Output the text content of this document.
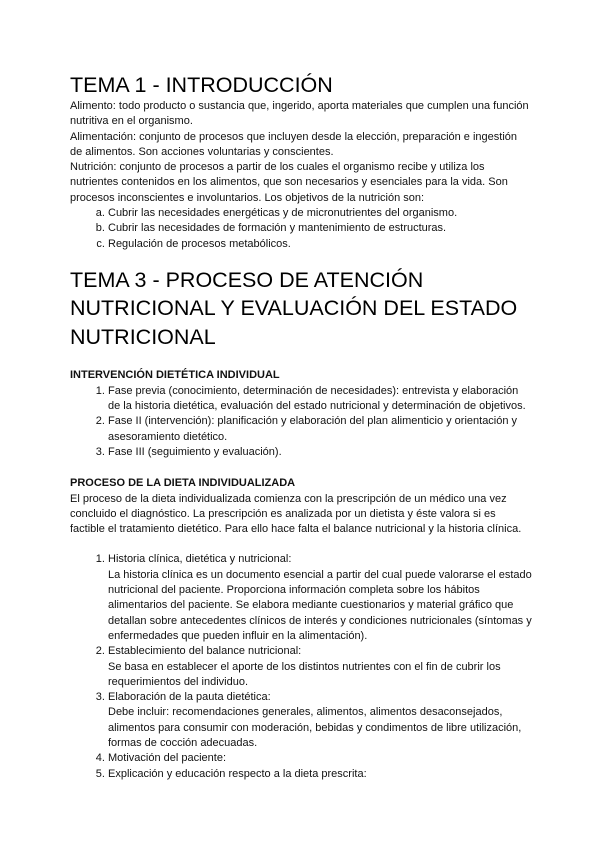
TEMA 1 - INTRODUCCIÓN

Alimento: todo producto o sustancia que, ingerido, aporta materiales que cumplen una función nutritiva en el organismo.

Alimentación: conjunto de procesos que incluyen desde la elección, preparación e ingestión de alimentos. Son acciones voluntarias y conscientes.

Nutrición: conjunto de procesos a partir de los cuales el organismo recibe y utiliza los nutrientes contenidos en los alimentos, que son necesarios y esenciales para la vida. Son procesos inconscientes e involuntarios. Los objetivos de la nutrición son:

a. Cubrir las necesidades energéticas y de micronutrientes del organismo.
b. Cubrir las necesidades de formación y mantenimiento de estructuras.
c. Regulación de procesos metabólicos.
TEMA 3 - PROCESO DE ATENCIÓN NUTRICIONAL Y EVALUACIÓN DEL ESTADO NUTRICIONAL
INTERVENCIÓN DIETÉTICA INDIVIDUAL
1. Fase previa (conocimiento, determinación de necesidades): entrevista y elaboración de la historia dietética, evaluación del estado nutricional y determinación de objetivos.
2. Fase II (intervención): planificación y elaboración del plan alimenticio y orientación y asesoramiento dietético.
3. Fase III (seguimiento y evaluación).
PROCESO DE LA DIETA INDIVIDUALIZADA

El proceso de la dieta individualizada comienza con la prescripción de un médico una vez concluido el diagnóstico. La prescripción es analizada por un dietista y éste valora si es factible el tratamiento dietético. Para ello hace falta el balance nutricional y la historia clínica.

1. Historia clínica, dietética y nutricional:
La historia clínica es un documento esencial a partir del cual puede valorarse el estado nutricional del paciente. Proporciona información completa sobre los hábitos alimentarios del paciente. Se elabora mediante cuestionarios y material gráfico que detallan sobre antecedentes clínicos de interés y condiciones nutricionales (síntomas y enfermedades que pueden influir en la alimentación).
2. Establecimiento del balance nutricional:
Se basa en establecer el aporte de los distintos nutrientes con el fin de cubrir los requerimientos del individuo.
3. Elaboración de la pauta dietética:
Debe incluir: recomendaciones generales, alimentos, alimentos desaconsejados, alimentos para consumir con moderación, bebidas y condimentos de libre utilización, formas de cocción adecuadas.
4. Motivación del paciente:
5. Explicación y educación respecto a la dieta prescrita:
